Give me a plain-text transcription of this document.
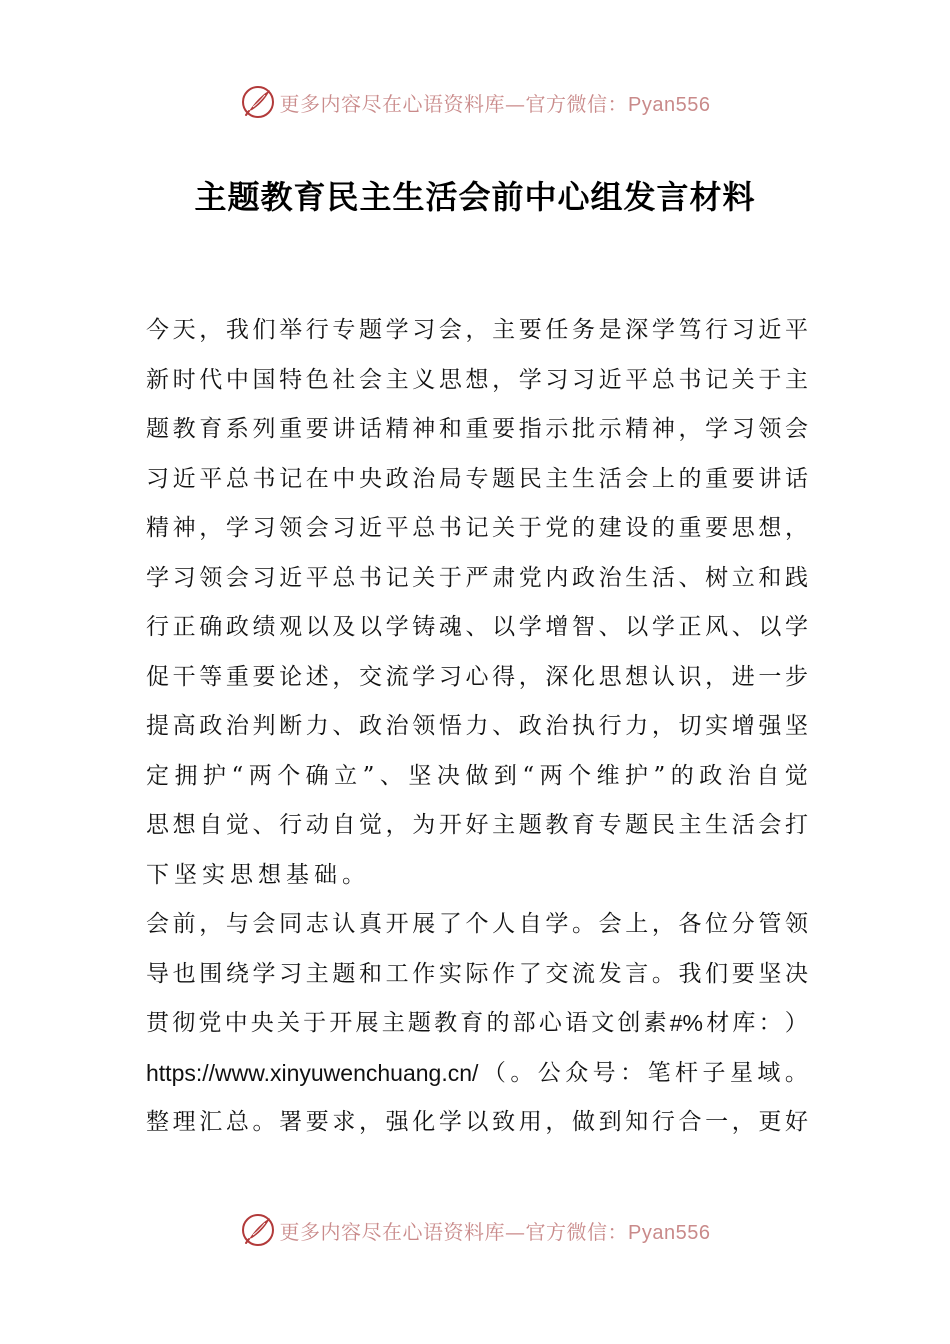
更多内容尽在心语资料库—官方微信：Pyan556
主题教育民主生活会前中心组发言材料
今 天 ， 我 们 举 行 专 题 学 习 会 ， 主 要 任 务 是 深 学 笃 行 习 近 平
新 时 代 中 国 特 色 社 会 主 义 思 想 ， 学 习 习 近 平 总 书 记 关 于 主
题 教 育 系 列 重 要 讲 话 精 神 和 重 要 指 示 批 示 精 神 ， 学 习 领 会
习 近 平 总 书 记 在 中 央 政 治 局 专 题 民 主 生 活 会 上 的 重 要 讲 话
精 神 ， 学 习 领 会 习 近 平 总 书 记 关 于 党 的 建 设 的 重 要 思 想 ，
学 习 领 会 习 近 平 总 书 记 关 于 严 肃 党 内 政 治 生 活 、 树 立 和 践
行 正 确 政 绩 观 以 及 以 学 铸 魂 、 以 学 增 智 、 以 学 正 风 、 以 学
促 干 等 重 要 论 述 ， 交 流 学 习 心 得 ， 深 化 思 想 认 识 ， 进 一 步
提 高 政 治 判 断 力 、 政 治 领 悟 力 、 政 治 执 行 力 ， 切 实 增 强 坚
定 拥 护 “ 两 个 确 立 ” 、 坚 决 做 到 “ 两 个 维 护 ” 的 政 治 自 觉
思 想 自 觉 、 行 动 自 觉 ， 为 开 好 主 题 教 育 专 题 民 主 生 活 会 打
下 坚 实 思 想 基 础 。
会 前 ， 与 会 同 志 认 真 开 展 了 个 人 自 学 。 会 上 ， 各 位 分 管 领
导 也 围 绕 学 习 主 题 和 工 作 实 际 作 了 交 流 发 言 。 我 们 要 坚 决
贯 彻 党 中 央 关 于 开 展 主 题 教 育 的 部 心 语 文 创 素 #% 材 库 ： ）
https://www.xinyuwenchuang.cn/ （ 。 公 众 号 ： 笔 杆 子 星 域 。
整 理 汇 总 。 署 要 求 ， 强 化 学 以 致 用 ， 做 到 知 行 合 一 ， 更 好
更多内容尽在心语资料库—官方微信：Pyan556
